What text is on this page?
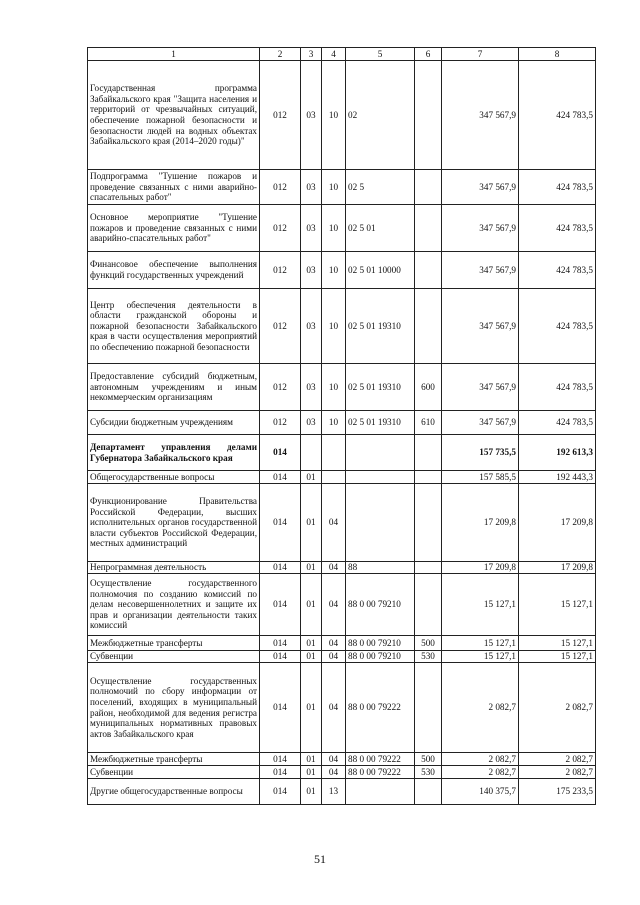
1	2	3	4	5	6	7	8
Государственная программа Забайкальского края "Защита населения и территорий от чрезвычайных ситуаций, обеспечение пожарной безопасности и безопасности людей на водных объектах Забайкальского края (2014–2020 годы)"	012	03	10	02		347 567,9	424 783,5
Подпрограмма "Тушение пожаров и проведение связанных с ними аварийно-спасательных работ"	012	03	10	02 5		347 567,9	424 783,5
Основное мероприятие "Тушение пожаров и проведение связанных с ними аварийно-спасательных работ"	012	03	10	02 5 01		347 567,9	424 783,5
Финансовое обеспечение выполнения функций государственных учреждений	012	03	10	02 5 01 10000		347 567,9	424 783,5
Центр обеспечения деятельности в области гражданской обороны и пожарной безопасности Забайкальского края в части осуществления мероприятий по обеспечению пожарной безопасности	012	03	10	02 5 01 19310		347 567,9	424 783,5
Предоставление субсидий бюджетным, автономным учреждениям и иным некоммерческим организациям	012	03	10	02 5 01 19310	600	347 567,9	424 783,5
Субсидии бюджетным учреждениям	012	03	10	02 5 01 19310	610	347 567,9	424 783,5
Департамент управления делами Губернатора Забайкальского края	014					157 735,5	192 613,3
Общегосударственные вопросы	014	01				157 585,5	192 443,3
Функционирование Правительства Российской Федерации, высших исполнительных органов государственной власти субъектов Российской Федерации, местных администраций	014	01	04			17 209,8	17 209,8
Непрограммная деятельность	014	01	04	88		17 209,8	17 209,8
Осуществление государственного полномочия по созданию комиссий по делам несовершеннолетних и защите их прав и организации деятельности таких комиссий	014	01	04	88 0 00 79210		15 127,1	15 127,1
Межбюджетные трансферты	014	01	04	88 0 00 79210	500	15 127,1	15 127,1
Субвенции	014	01	04	88 0 00 79210	530	15 127,1	15 127,1
Осуществление государственных полномочий по сбору информации от поселений, входящих в муниципальный район, необходимой для ведения регистра муниципальных нормативных правовых актов Забайкальского края	014	01	04	88 0 00 79222		2 082,7	2 082,7
Межбюджетные трансферты	014	01	04	88 0 00 79222	500	2 082,7	2 082,7
Субвенции	014	01	04	88 0 00 79222	530	2 082,7	2 082,7
Другие общегосударственные вопросы	014	01	13			140 375,7	175 233,5
51
